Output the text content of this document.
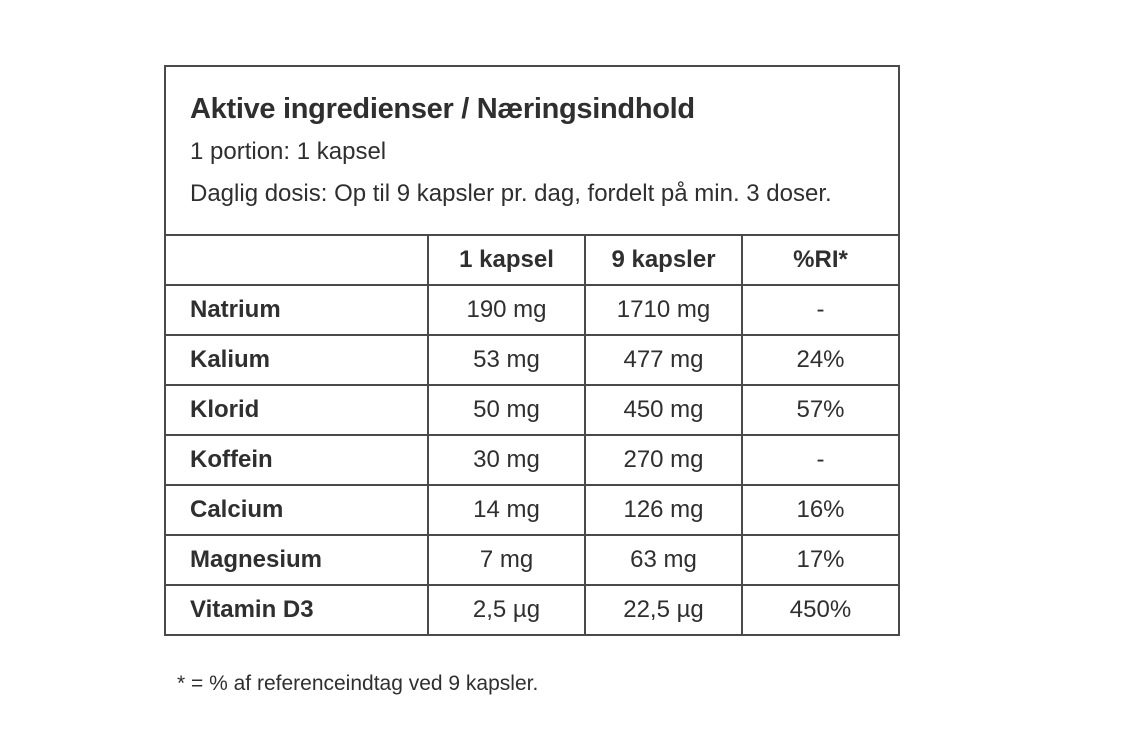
Aktive ingredienser / Næringsindhold
1 portion: 1 kapsel
Daglig dosis: Op til 9 kapsler pr. dag, fordelt på min. 3 doser.
	1 kapsel	9 kapsler	%RI*
Natrium	190 mg	1710 mg	-
Kalium	53 mg	477 mg	24%
Klorid	50 mg	450 mg	57%
Koffein	30 mg	270 mg	-
Calcium	14 mg	126 mg	16%
Magnesium	7 mg	63 mg	17%
Vitamin D3	2,5 µg	22,5 µg	450%
* = % af referenceindtag ved 9 kapsler.
